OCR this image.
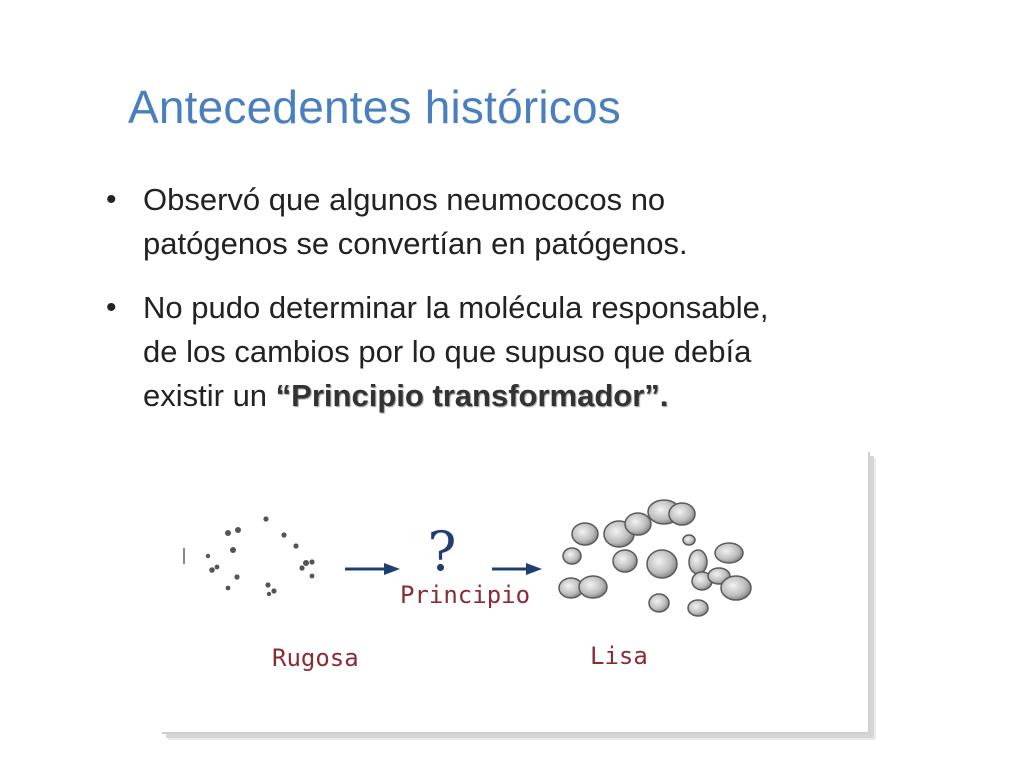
Antecedentes históricos
• Observó que algunos neumococos no
patógenos se convertían en patógenos.
• No pudo determinar la molécula responsable,
de los cambios por lo que supuso que debía
existir un “Principio transformador”.
?
Principio
Rugosa	Lisa
